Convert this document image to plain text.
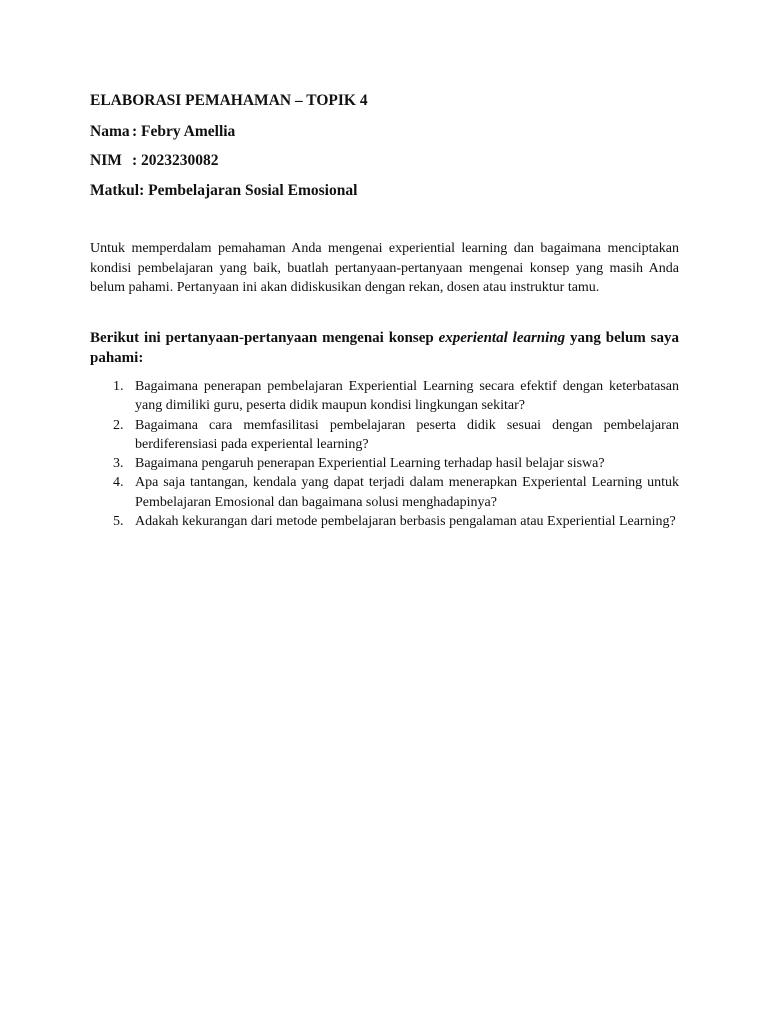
ELABORASI PEMAHAMAN – TOPIK 4
Nama : Febry Amellia
NIM : 2023230082
Matkul: Pembelajaran Sosial Emosional

Untuk memperdalam pemahaman Anda mengenai experiential learning dan bagaimana menciptakan kondisi pembelajaran yang baik, buatlah pertanyaan-pertanyaan mengenai konsep yang masih Anda belum pahami. Pertanyaan ini akan didiskusikan dengan rekan, dosen atau instruktur tamu.

Berikut ini pertanyaan-pertanyaan mengenai konsep experiental learning yang belum saya pahami:

1. Bagaimana penerapan pembelajaran Experiential Learning secara efektif dengan keterbatasan yang dimiliki guru, peserta didik maupun kondisi lingkungan sekitar?
2. Bagaimana cara memfasilitasi pembelajaran peserta didik sesuai dengan pembelajaran berdiferensiasi pada experiental learning?
3. Bagaimana pengaruh penerapan Experiential Learning terhadap hasil belajar siswa?
4. Apa saja tantangan, kendala yang dapat terjadi dalam menerapkan Experiental Learning untuk Pembelajaran Emosional dan bagaimana solusi menghadapinya?
5. Adakah kekurangan dari metode pembelajaran berbasis pengalaman atau Experiential Learning?
